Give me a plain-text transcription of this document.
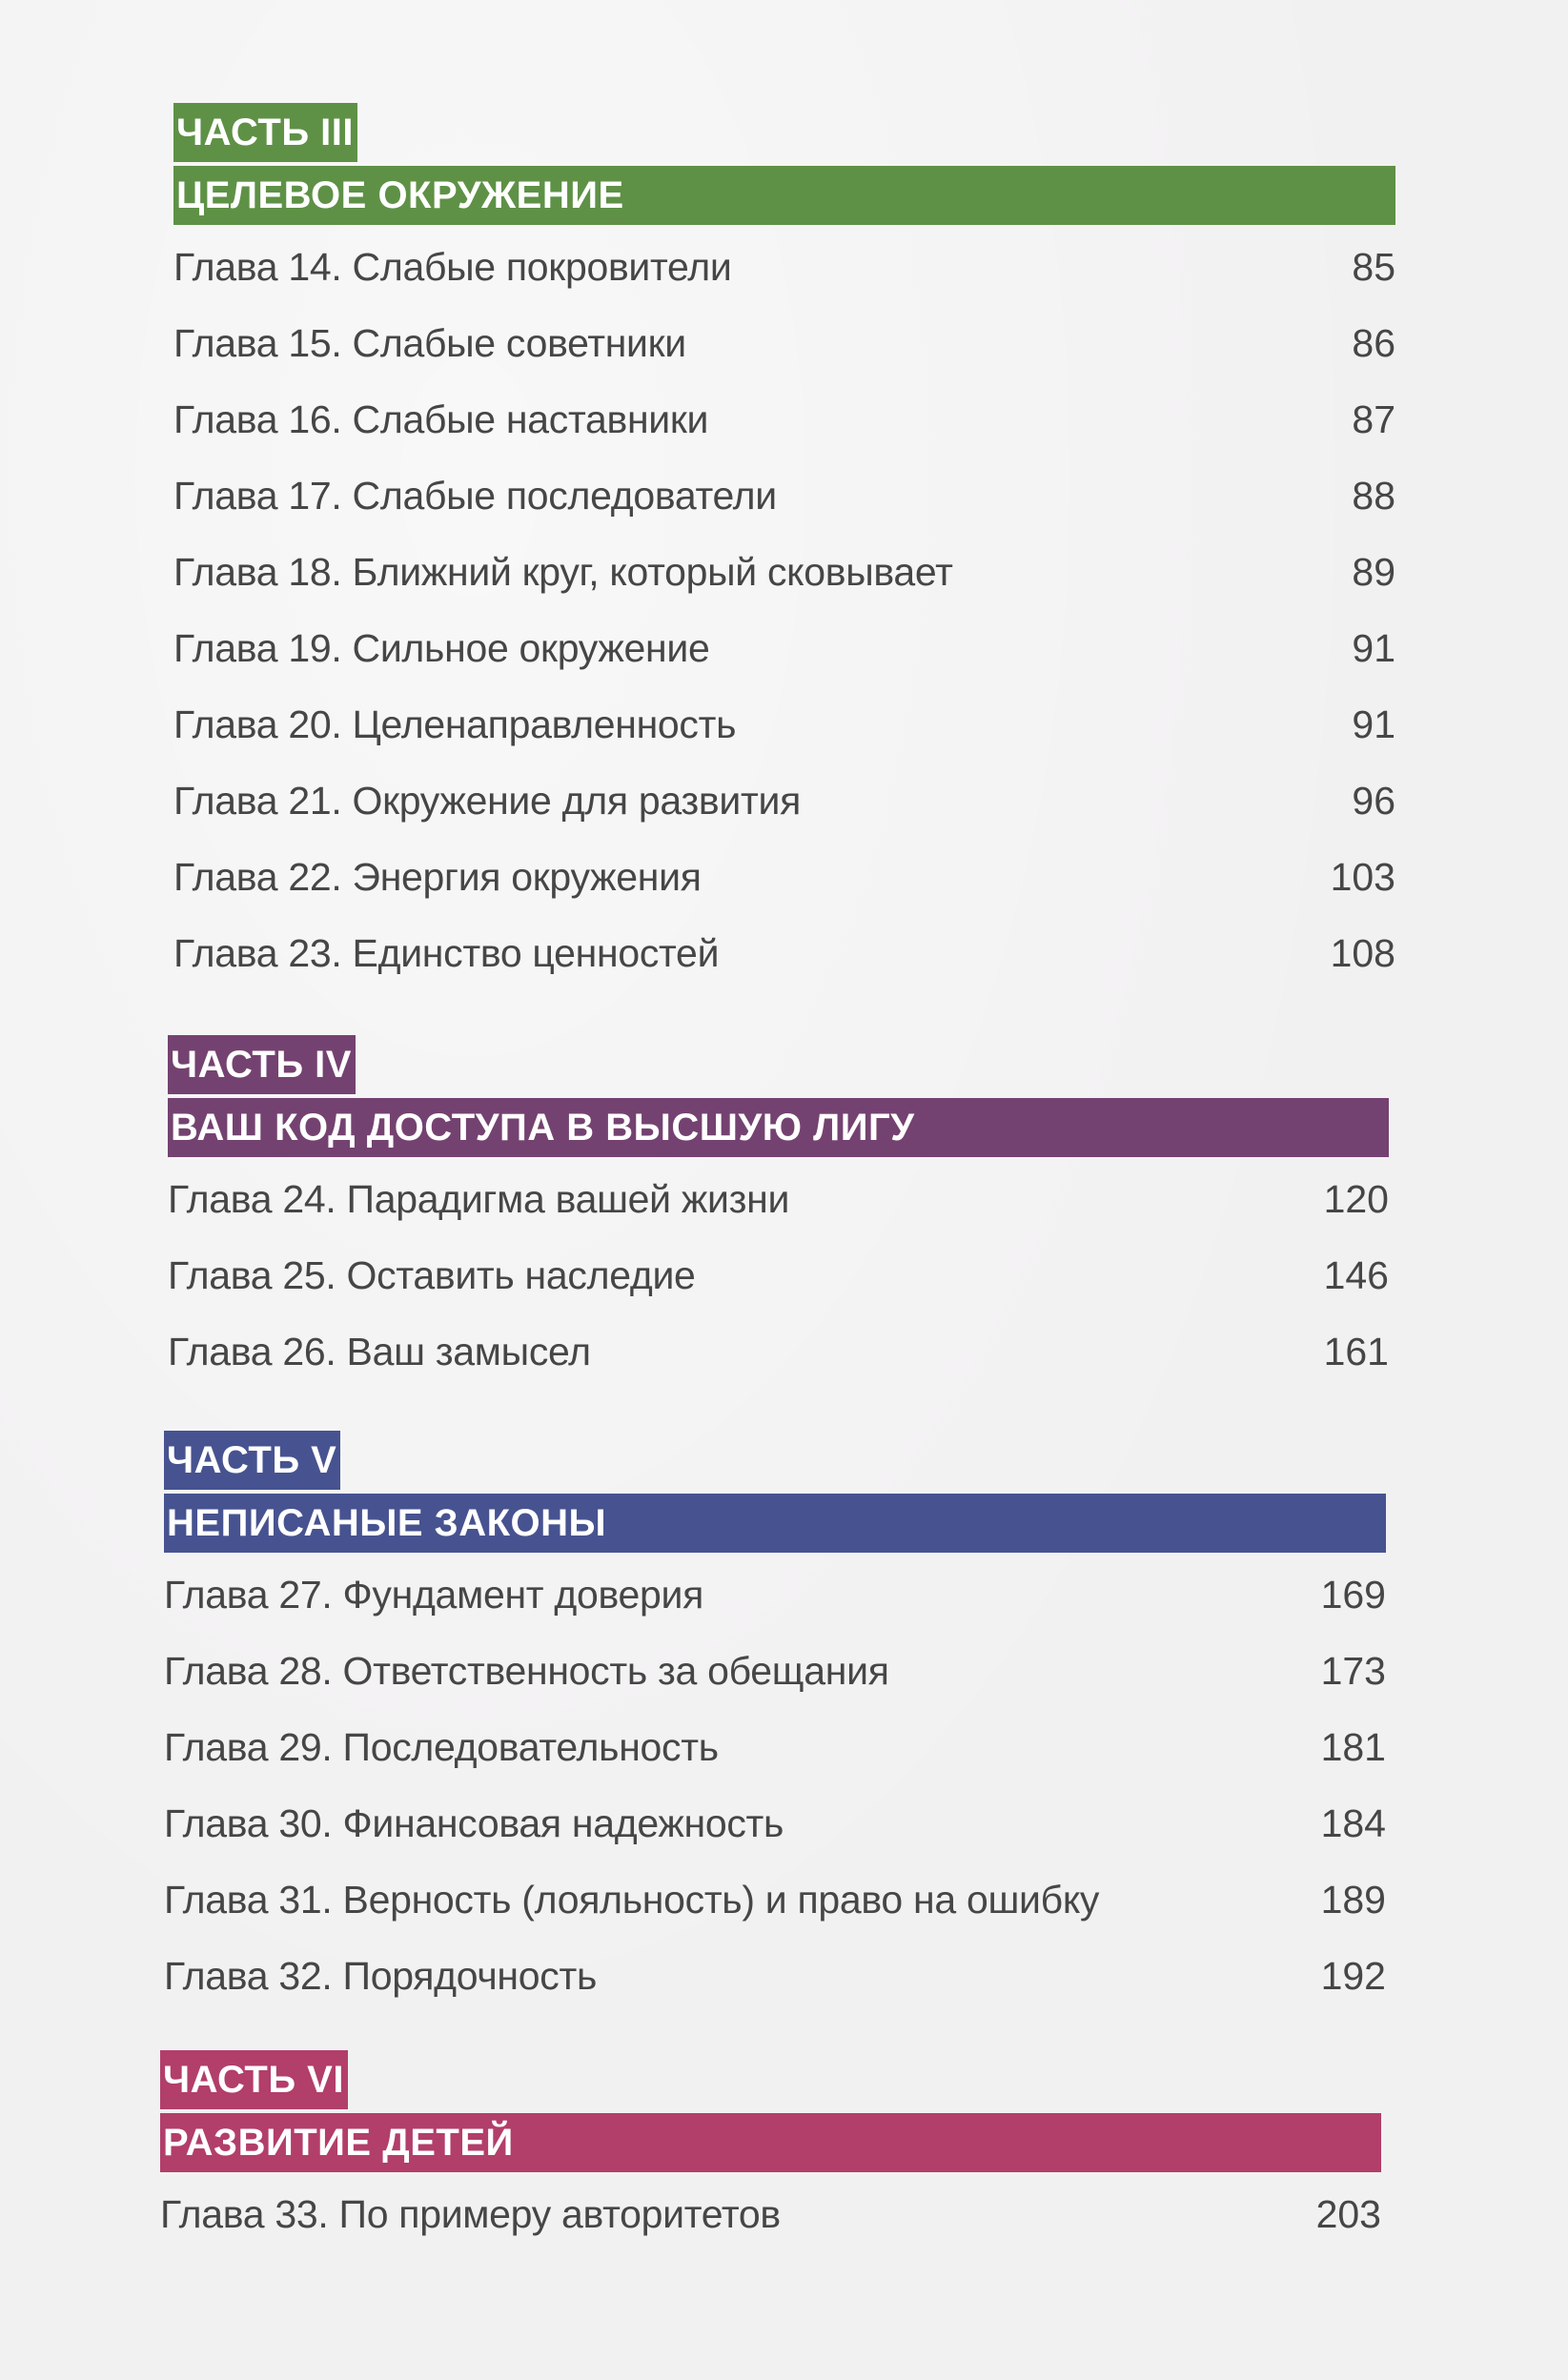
ЧАСТЬ III
ЦЕЛЕВОЕ ОКРУЖЕНИЕ
Глава 14. Слабые покровители	85
Глава 15. Слабые советники	86
Глава 16. Слабые наставники	87
Глава 17. Слабые последователи	88
Глава 18. Ближний круг, который сковывает	89
Глава 19. Сильное окружение	91
Глава 20. Целенаправленность	91
Глава 21. Окружение для развития	96
Глава 22. Энергия окружения	103
Глава 23. Единство ценностей	108
ЧАСТЬ IV
ВАШ КОД ДОСТУПА В ВЫСШУЮ ЛИГУ
Глава 24. Парадигма вашей жизни	120
Глава 25. Оставить наследие	146
Глава 26. Ваш замысел	161
ЧАСТЬ V
НЕПИСАНЫЕ ЗАКОНЫ
Глава 27. Фундамент доверия	169
Глава 28. Ответственность за обещания	173
Глава 29. Последовательность	181
Глава 30. Финансовая надежность	184
Глава 31. Верность (лояльность) и право на ошибку	189
Глава 32. Порядочность	192
ЧАСТЬ VI
РАЗВИТИЕ ДЕТЕЙ
Глава 33. По примеру авторитетов	203
